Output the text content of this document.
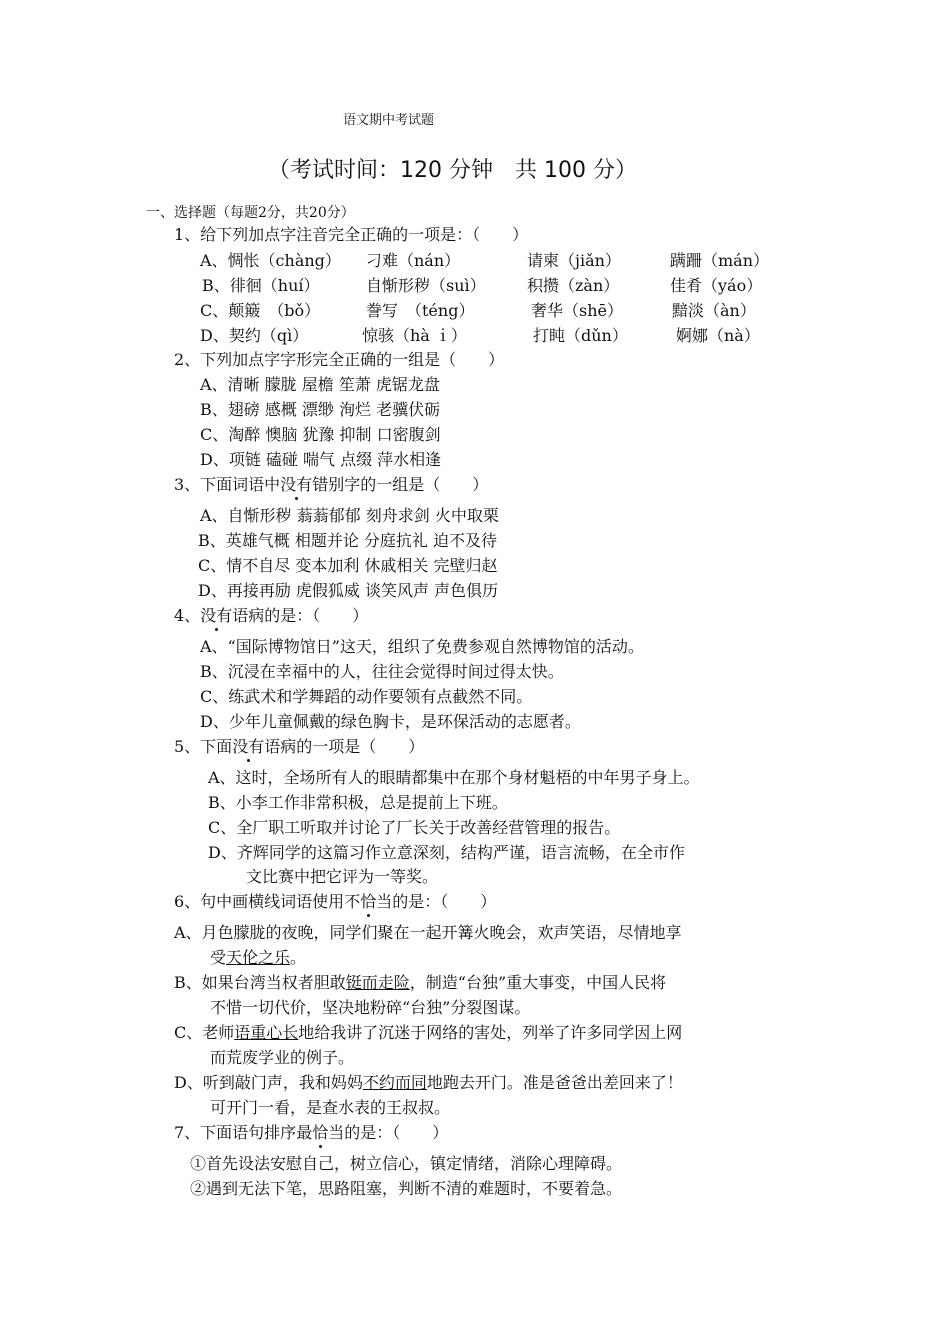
语文期中考试题
（考试时间：120 分钟　共 100 分）
一、选择题（每题2分，共20分）
1、给下列加点字注音完全正确的一项是：（　　）
A、惆怅（chàng） 刁难（nán）	请柬（jiǎn）	蹒跚（mán）
B、徘徊（huí）	自惭形秽（suì）	积攒（zàn）	佳肴（yáo）
C、颠簸　（bǒ）	誊写　（téng）	奢华（shē）	黯淡（àn）
D、契约（qì）	惊骇（hà ｉ）	打盹（dǔn）	婀娜（nà）
2、下列加点字字形完全正确的一组是（　　）
A、清晰 朦胧 屋檐 笙萧 虎锯龙盘
B、翅磅 感概 漂缈 洵烂 老骥伏砺
C、淘醉 懊脑 犹豫 抑制 口密腹剑
D、项链 磕碰 喘气 点缀 萍水相逢
3、下面词语中没有错别字的一组是（　　）
A、自惭形秽 蓊蓊郁郁 刻舟求剑 火中取栗
B、英雄气概 相题并论 分庭抗礼 迫不及待
C、情不自尽 变本加利 休戚相关 完壁归赵
D、再接再励 虎假狐威 谈笑风声 声色俱历
4、没有语病的是：（　　）
A、“国际博物馆日”这天，组织了免费参观自然博物馆的活动。
B、沉浸在幸福中的人，往往会觉得时间过得太快。
C、练武术和学舞蹈的动作要领有点截然不同。
D、少年儿童佩戴的绿色胸卡，是环保活动的志愿者。
5、下面没有语病的一项是（　　）
A、这时，全场所有人的眼睛都集中在那个身材魁梧的中年男子身上。
B、小李工作非常积极，总是提前上下班。
C、全厂职工听取并讨论了厂长关于改善经营管理的报告。
D、齐辉同学的这篇习作立意深刻，结构严谨，语言流畅，在全市作
文比赛中把它评为一等奖。
6、句中画横线词语使用不恰当的是：（　　）
A、月色朦胧的夜晚，同学们聚在一起开篝火晚会，欢声笑语，尽情地享
受天伦之乐。
B、如果台湾当权者胆敢铤而走险，制造“台独”重大事变，中国人民将
不惜一切代价，坚决地粉碎“台独”分裂图谋。
C、老师语重心长地给我讲了沉迷于网络的害处，列举了许多同学因上网
而荒废学业的例子。
D、听到敲门声，我和妈妈不约而同地跑去开门。准是爸爸出差回来了！
可开门一看，是查水表的王叔叔。
7、下面语句排序最恰当的是：（　　）
①首先设法安慰自己，树立信心，镇定情绪，消除心理障碍。
②遇到无法下笔，思路阻塞，判断不清的难题时，不要着急。
